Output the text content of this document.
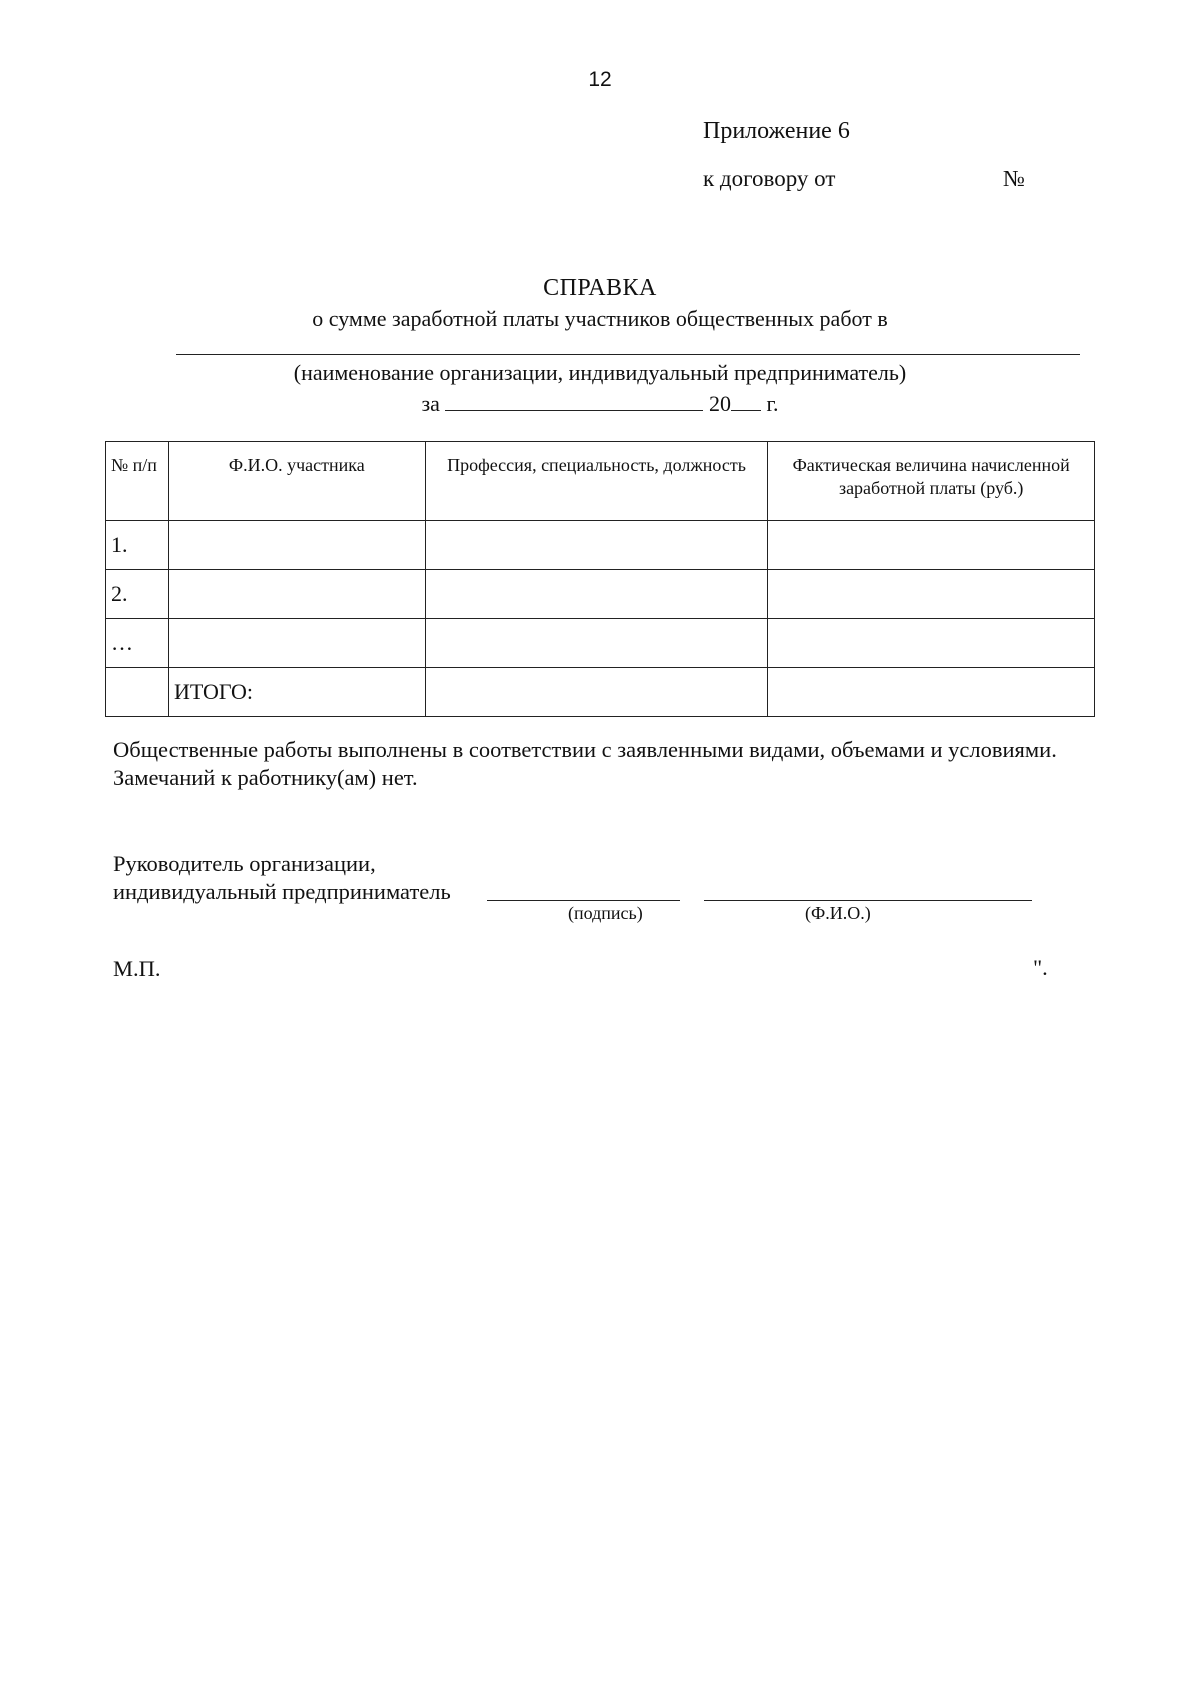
12
Приложение 6
к договору от	№
СПРАВКА
о сумме заработной платы участников общественных работ в
(наименование организации, индивидуальный предприниматель)
за	20 г.
№ п/п	Ф.И.О. участника	Профессия, специальность, должность	Фактическая величина начисленной заработной платы (руб.)
1.			
2.			
…			
	ИТОГО:		
Общественные работы выполнены в соответствии с заявленными видами, объемами и условиями.
Замечаний к работнику(ам) нет.
Руководитель организации,
индивидуальный предприниматель
(подпись)	(Ф.И.О.)
М.П.	".
